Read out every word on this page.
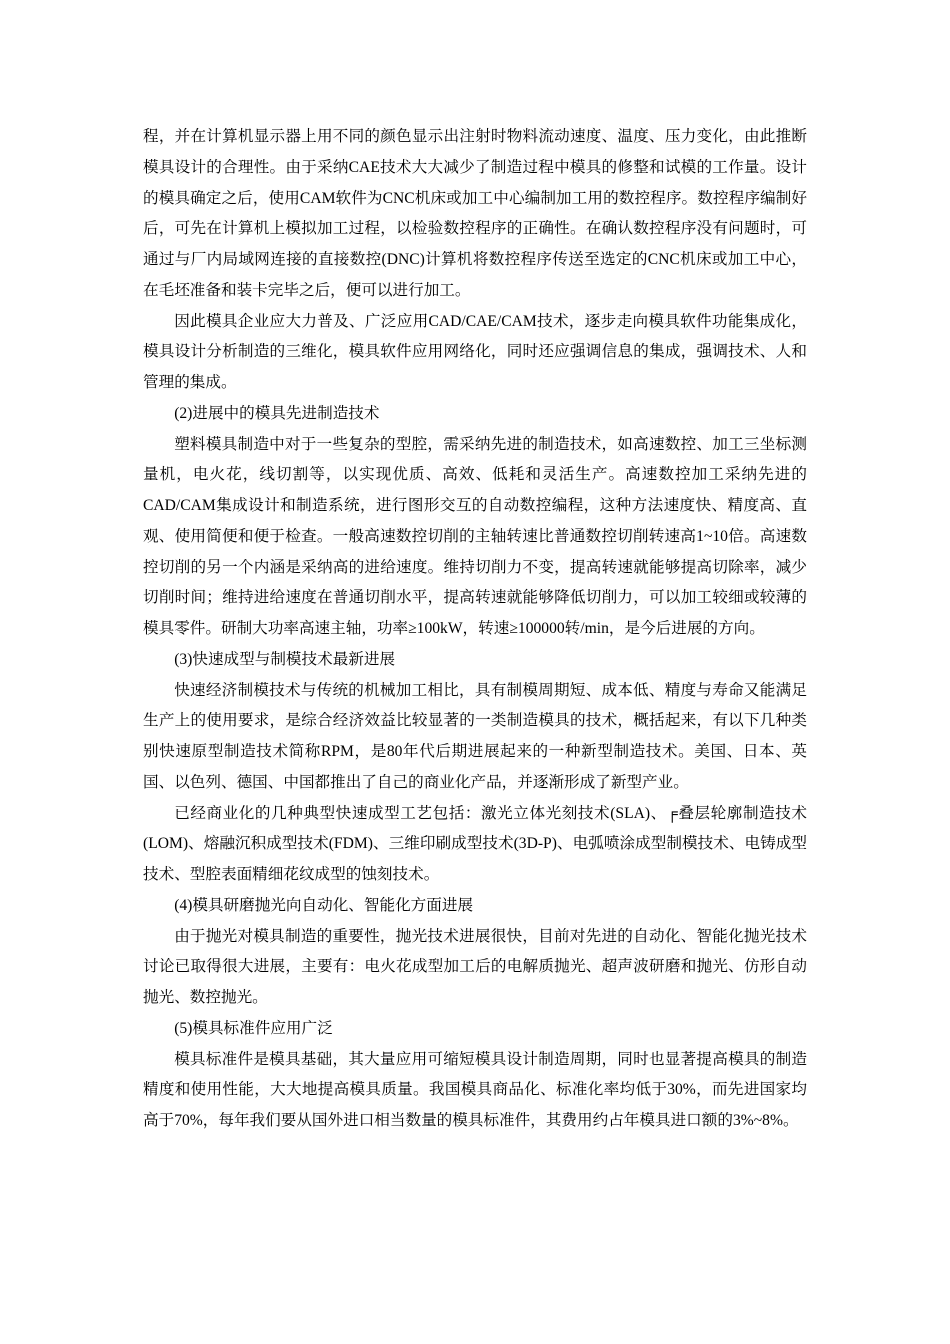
程，并在计算机显示器上用不同的颜色显示出注射时物料流动速度、温度、压力变化，由此推断模具设计的合理性。由于采纳CAE技术大大减少了制造过程中模具的修整和试模的工作量。设计的模具确定之后，使用CAM软件为CNC机床或加工中心编制加工用的数控程序。数控程序编制好后，可先在计算机上模拟加工过程，以检验数控程序的正确性。在确认数控程序没有问题时，可通过与厂内局域网连接的直接数控(DNC)计算机将数控程序传送至选定的CNC机床或加工中心，在毛坯准备和装卡完毕之后，便可以进行加工。

因此模具企业应大力普及、广泛应用CAD/CAE/CAM技术，逐步走向模具软件功能集成化，模具设计分析制造的三维化，模具软件应用网络化，同时还应强调信息的集成，强调技术、人和管理的集成。

(2)进展中的模具先进制造技术

塑料模具制造中对于一些复杂的型腔，需采纳先进的制造技术，如高速数控、加工三坐标测量机，电火花，线切割等，以实现优质、高效、低耗和灵活生产。高速数控加工采纳先进的CAD/CAM集成设计和制造系统，进行图形交互的自动数控编程，这种方法速度快、精度高、直观、使用简便和便于检查。一般高速数控切削的主轴转速比普通数控切削转速高1~10倍。高速数控切削的另一个内涵是采纳高的进给速度。维持切削力不变，提高转速就能够提高切除率，减少切削时间；维持进给速度在普通切削水平，提高转速就能够降低切削力，可以加工较细或较薄的模具零件。研制大功率高速主轴，功率≥100kW，转速≥100000转/min，是今后进展的方向。

(3)快速成型与制模技术最新进展

快速经济制模技术与传统的机械加工相比，具有制模周期短、成本低、精度与寿命又能满足生产上的使用要求，是综合经济效益比较显著的一类制造模具的技术，概括起来，有以下几种类别快速原型制造技术简称RPM，是80年代后期进展起来的一种新型制造技术。美国、日本、英国、以色列、德国、中国都推出了自己的商业化产品，并逐渐形成了新型产业。

已经商业化的几种典型快速成型工艺包括：激光立体光刻技术(SLA)、╒叠层轮廓制造技术(LOM)、熔融沉积成型技术(FDM)、三维印刷成型技术(3D-P)、电弧喷涂成型制模技术、电铸成型技术、型腔表面精细花纹成型的蚀刻技术。

(4)模具研磨抛光向自动化、智能化方面进展

由于抛光对模具制造的重要性，抛光技术进展很快，目前对先进的自动化、智能化抛光技术讨论已取得很大进展，主要有：电火花成型加工后的电解质抛光、超声波研磨和抛光、仿形自动抛光、数控抛光。

(5)模具标准件应用广泛

模具标准件是模具基础，其大量应用可缩短模具设计制造周期，同时也显著提高模具的制造精度和使用性能，大大地提高模具质量。我国模具商品化、标准化率均低于30%，而先进国家均高于70%，每年我们要从国外进口相当数量的模具标准件，其费用约占年模具进口额的3%~8%。
